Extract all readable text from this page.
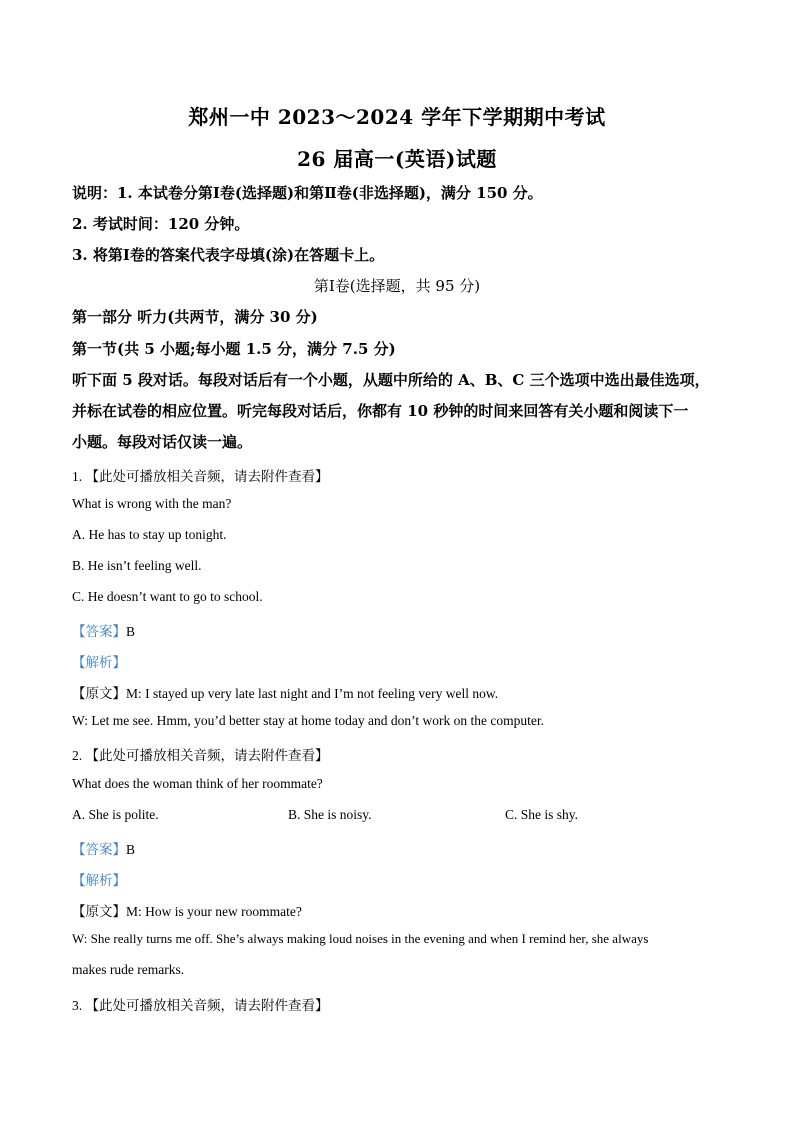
郑州一中 2023～2024 学年下学期期中考试
26 届高一(英语)试题
说明：1. 本试卷分第Ⅰ卷(选择题)和第Ⅱ卷(非选择题)，满分 150 分。
2. 考试时间：120 分钟。
3. 将第Ⅰ卷的答案代表字母填(涂)在答题卡上。
第Ⅰ卷(选择题，共 95 分)
第一部分 听力(共两节，满分 30 分)
第一节(共 5 小题;每小题 1.5 分，满分 7.5 分)
听下面 5 段对话。每段对话后有一个小题，从题中所给的 A、B、C 三个选项中选出最佳选项，
并标在试卷的相应位置。听完每段对话后，你都有 10 秒钟的时间来回答有关小题和阅读下一
小题。每段对话仅读一遍。
1. 【此处可播放相关音频，请去附件查看】
What is wrong with the man?
A. He has to stay up tonight.
B. He isn’t feeling well.
C. He doesn’t want to go to school.
【答案】B
【解析】
【原文】M: I stayed up very late last night and I’m not feeling very well now.
W: Let me see. Hmm, you’d better stay at home today and don’t work on the computer.
2. 【此处可播放相关音频，请去附件查看】
What does the woman think of her roommate?
A. She is polite.	B. She is noisy.	C. She is shy.
【答案】B
【解析】
【原文】M: How is your new roommate?
W: She really turns me off. She’s always making loud noises in the evening and when I remind her, she always
makes rude remarks.
3. 【此处可播放相关音频，请去附件查看】
